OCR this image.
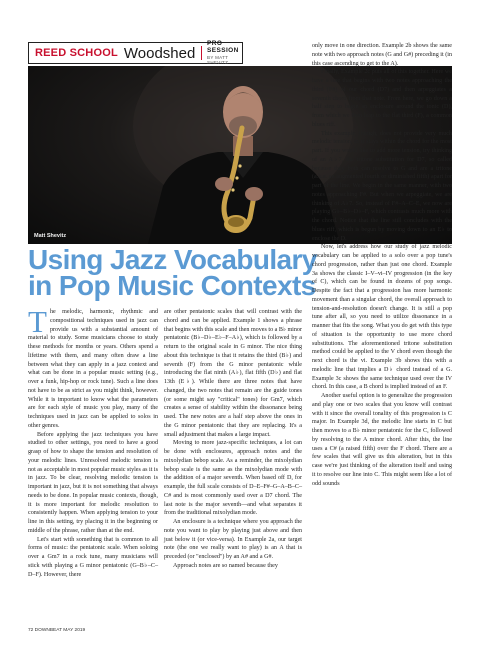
REED SCHOOL Woodshed
PRO SESSION
BY MATT SHEVITZ
Matt Shevitz
Using Jazz Vocabulary
in Pop Music Contexts

The melodic, harmonic, rhythmic and compositional techniques used in jazz can provide us with a substantial amount of material to study. Some musicians choose to study these methods for months or years. Others spend a lifetime with them, and many often draw a line between what they can apply in a jazz context and what can be done in a popular music setting (e.g., over a funk, hip-hop or rock tune). Such a line does not have to be as strict as you might think, however. While it is important to know what the parameters are for each style of music you play, many of the techniques used in jazz can be applied to solos in other genres.

Before applying the jazz techniques you have studied to other settings, you need to have a good grasp of how to shape the tension and resolution of your melodic lines. Unresolved melodic tension is not as acceptable in most popular music styles as it is in jazz. To be clear, resolving melodic tension is important in jazz, but it is not something that always needs to be done. In popular music contexts, though, it is more important for melodic resolution to consistently happen. When applying tension to your line in this setting, try placing it in the beginning or middle of the phrase, rather than at the end.

Let's start with something that is common to all forms of music: the pentatonic scale. When soloing over a Gm7 in a rock tune, many musicians will stick with playing a G minor pentatonic (G–B♭–C–D–F). However, there

are other pentatonic scales that will contrast with the chord and can be applied. Example 1 shows a phrase that begins with this scale and then moves to a B♭ minor pentatonic (B♭–D♭–E♭–F–A♭), which is followed by a return to the original scale in G minor. The nice thing about this technique is that it retains the third (B♭) and seventh (F) from the G minor pentatonic while introducing the flat ninth (A♭), flat fifth (D♭) and flat 13th (E♭). While there are three notes that have changed, the two notes that remain are the guide tones (or some might say "critical" tones) for Gm7, which creates a sense of stability within the dissonance being used. The new notes are a half step above the ones in the G minor pentatonic that they are replacing. It's a small adjustment that makes a large impact.

Moving to more jazz-specific techniques, a lot can be done with enclosures, approach notes and the mixolydian bebop scale. As a reminder, the mixolydian bebop scale is the same as the mixolydian mode with the addition of a major seventh. When based off D, for example, the full scale consists of D–E–F#–G–A–B–C–C# and is most commonly used over a D7 chord. The last note is the major seventh—and what separates it from the traditional mixolydian mode.

An enclosure is a technique where you approach the note you want to play by playing just above and then just below it (or vice-versa). In Example 2a, our target note (the one we really want to play) is an A that is preceded (or "enclosed") by an A# and a G#.

Approach notes are so named because they

only move in one direction. Example 2b shows the same note with two approach notes (G and G#) preceding it (in this case ascending to get to the A).

Finally, Example 2c puts all of this together. Here we have a line that begins with two notes approaching the third (F#) of our chord (D7) and then arpeggiates a seventh chord from that note. From here, we go down a half step to begin an enclosure around the tonic (D), from which we then leap to the flat third (F), a common blues riff.

This example, though, does not provide very much melodic tension, as it stays within the chord for the most part. If you would like to add more tension, try thinking of an A♭7, the tritone substitution for D7, so called because they both can resolve to G and are a tritone (a.k.a. an augmented fourth or diminished fifth) apart for part of the line. We begin in the same manner, with two notes approaching F#. But when we arpeggiate, we are thinking of A♭7. So, instead of F#–A–C–E, we now are playing G♭–B♭–D♭–F, which contrasts much more with the chord. Notice that the line still concludes with the blues riff, which is begun by moving down to an E♭ to enclose the D.

Now, let's address how our study of jazz melodic vocabulary can be applied to a solo over a pop tune's chord progression, rather than just one chord. Example 3a shows the classic I–V–vi–IV progression (in the key of C), which can be found in dozens of pop songs. Despite the fact that a progression has more harmonic movement than a singular chord, the overall approach to tension-and-resolution doesn't change. It is still a pop tune after all, so you need to utilize dissonance in a manner that fits the song. What you do get with this type of situation is the opportunity to use more chord substitutions. The aforementioned tritone substitution method could be applied to the V chord even though the next chord is the vi. Example 3b shows this with a melodic line that implies a D♭ chord instead of a G. Example 3c shows the same technique used over the IV chord. In this case, a B chord is implied instead of an F.

Another useful option is to generalize the progression and play one or two scales that you know will contrast with it since the overall tonality of this progression is C major. In Example 3d, the melodic line starts in C but then moves to a B♭ minor pentatonic for the C, followed by resolving to the A minor chord. After this, the line uses a C# (a raised fifth) over the F chord. There are a few scales that will give us this alteration, but in this case we're just thinking of the alteration itself and using it to resolve our line into C. This might seem like a lot of odd sounds

72 DOWNBEAT MAY 2019
